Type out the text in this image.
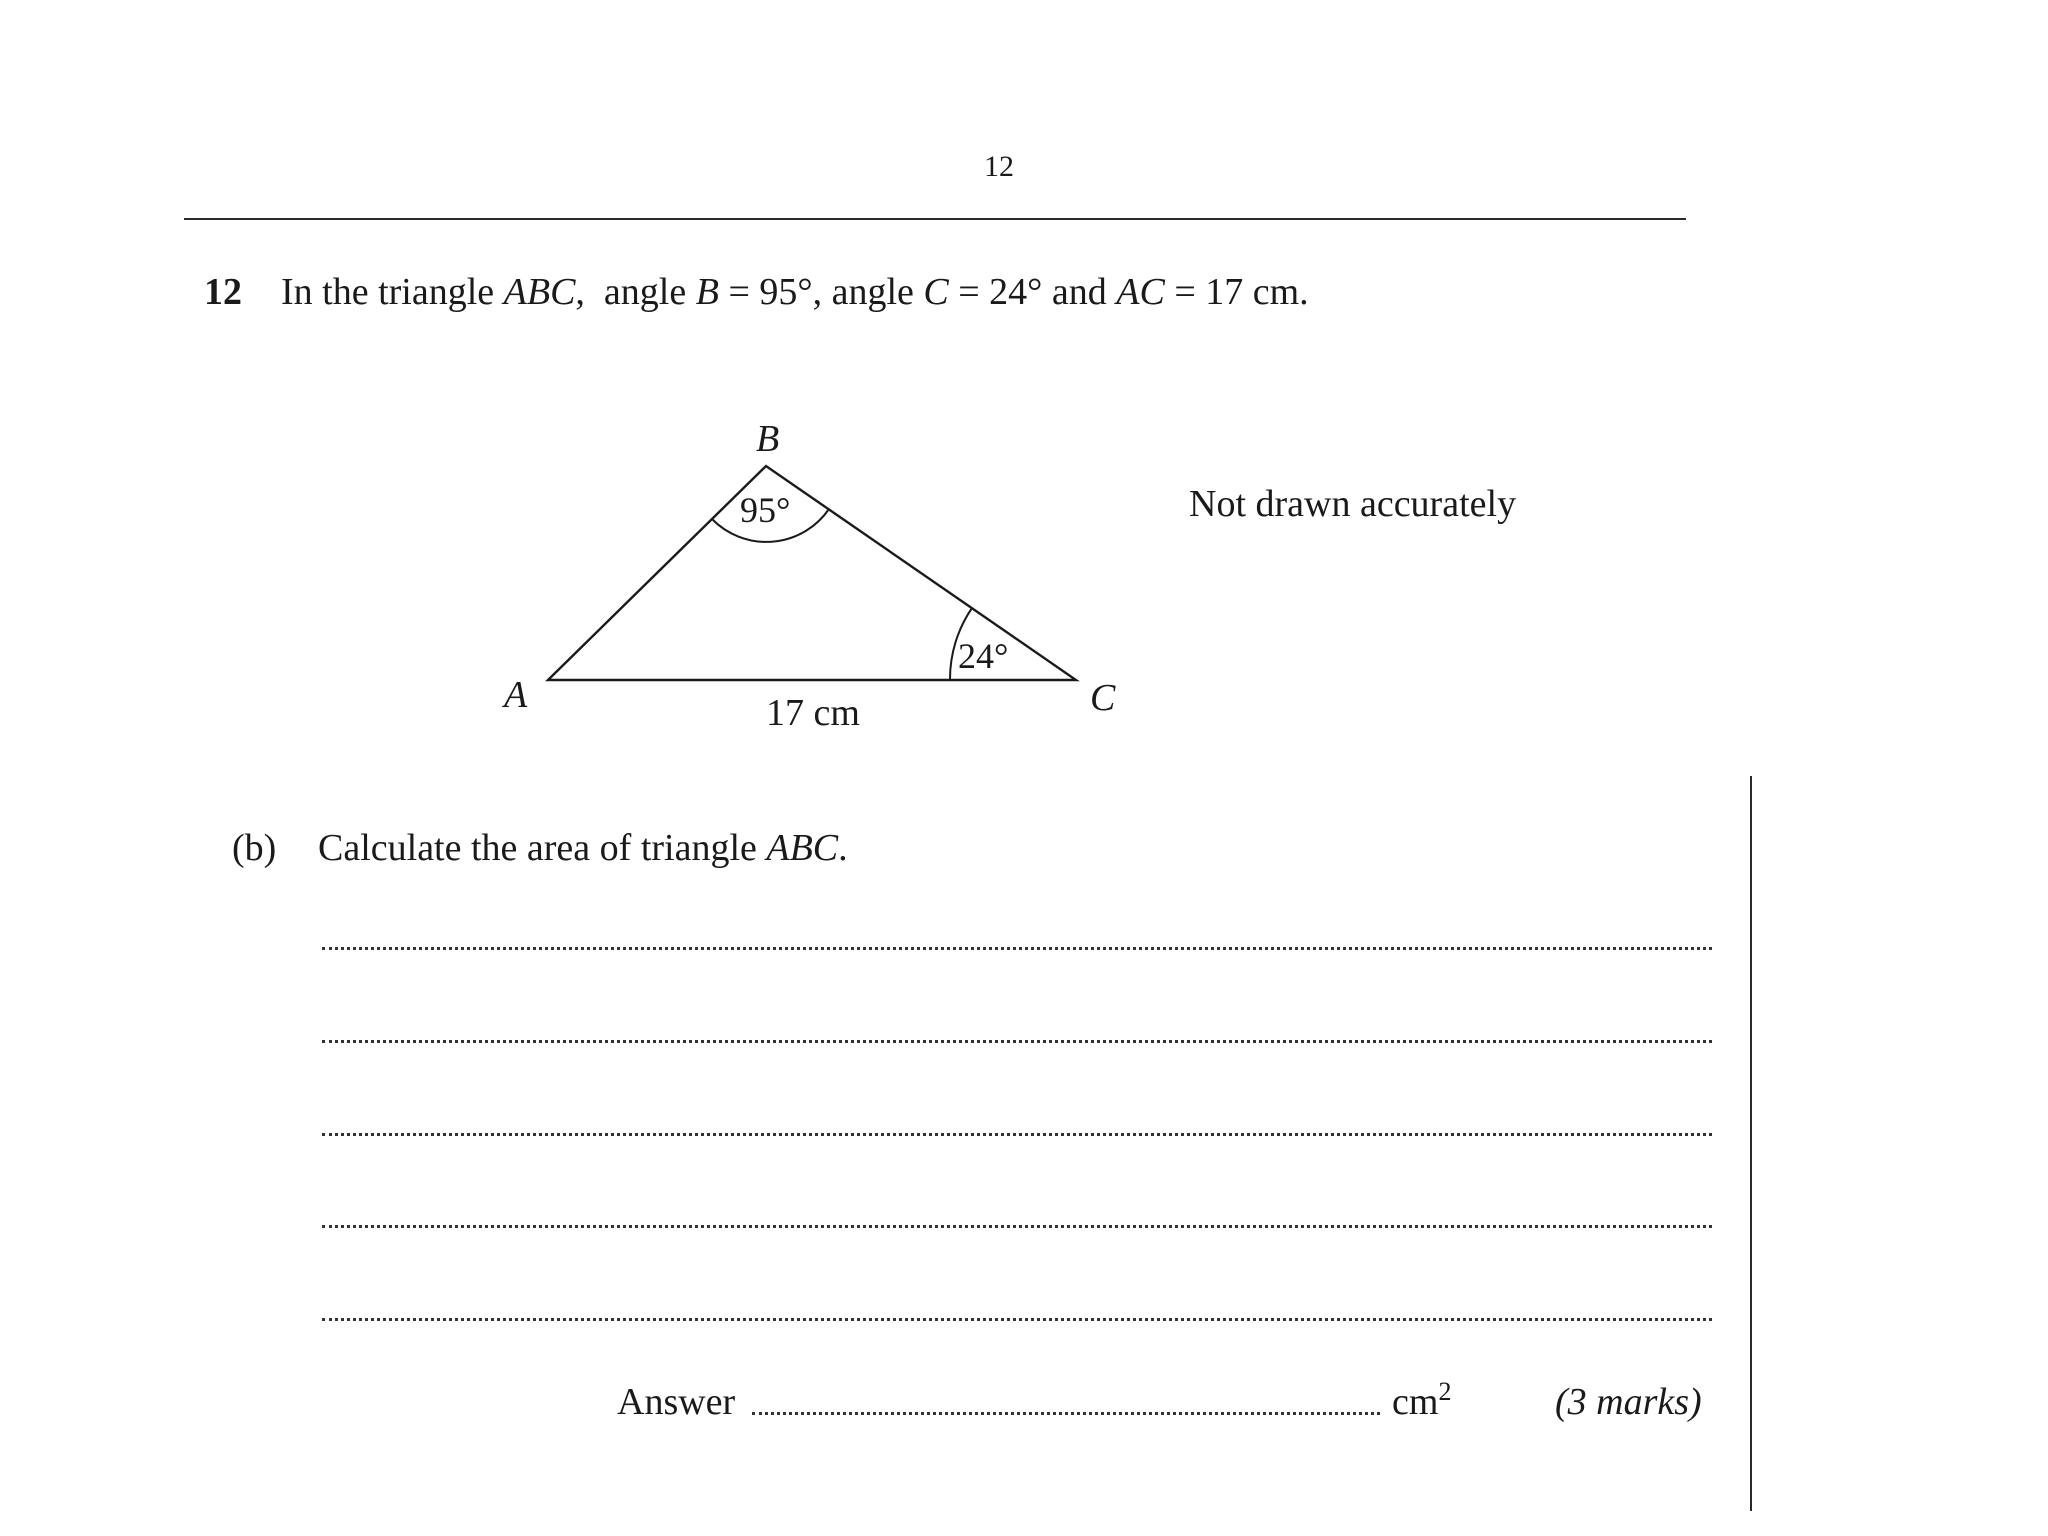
12
12 In the triangle ABC,  angle B = 95°, angle C = 24° and AC = 17 cm.
B
A	C
95°
24°
17 cm
Not drawn accurately
(b) Calculate the area of triangle ABC.
Answer	$cm^2$	(3 marks)
